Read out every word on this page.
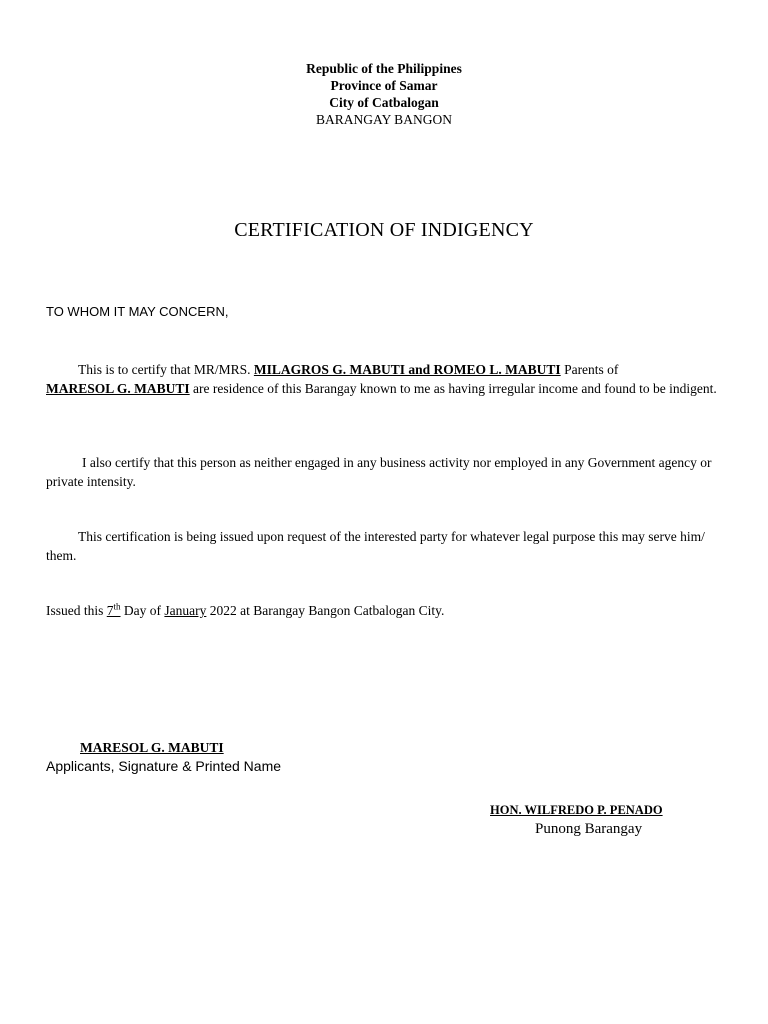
Republic of the Philippines
Province of Samar
City of Catbalogan
BARANGAY BANGON
CERTIFICATION OF INDIGENCY
TO WHOM IT MAY CONCERN,
This is to certify that MR/MRS. MILAGROS G. MABUTI and ROMEO L. MABUTI Parents of
MARESOL G. MABUTI are residence of this Barangay known to me as having irregular income and found to be indigent.
I also certify that this person as neither engaged in any business activity nor employed in any Government agency or private intensity.
This certification is being issued upon request of the interested party for whatever legal purpose this may serve him/ them.
Issued this 7th Day of January 2022 at Barangay Bangon Catbalogan City.
MARESOL G. MABUTI
Applicants, Signature & Printed Name
HON. WILFREDO P. PENADO
Punong Barangay
